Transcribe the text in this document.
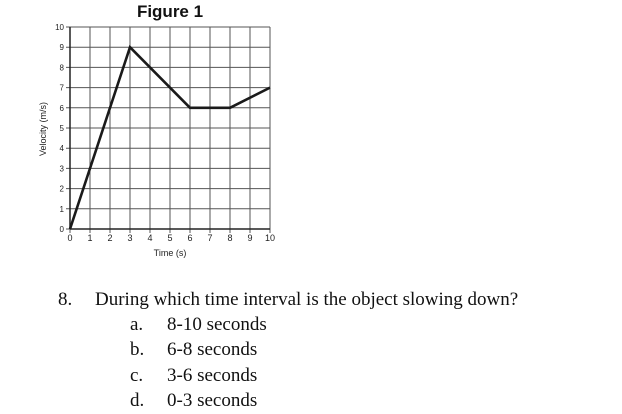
Figure 1
0 1 2 3 4 5 6 7 8 9 10
0
1
2
3
4
5
6
7
8
9
10
Time (s)
Velocity (m/s)
8. During which time interval is the object slowing down?
a. 8-10 seconds
b. 6-8 seconds
c. 3-6 seconds
d. 0-3 seconds
